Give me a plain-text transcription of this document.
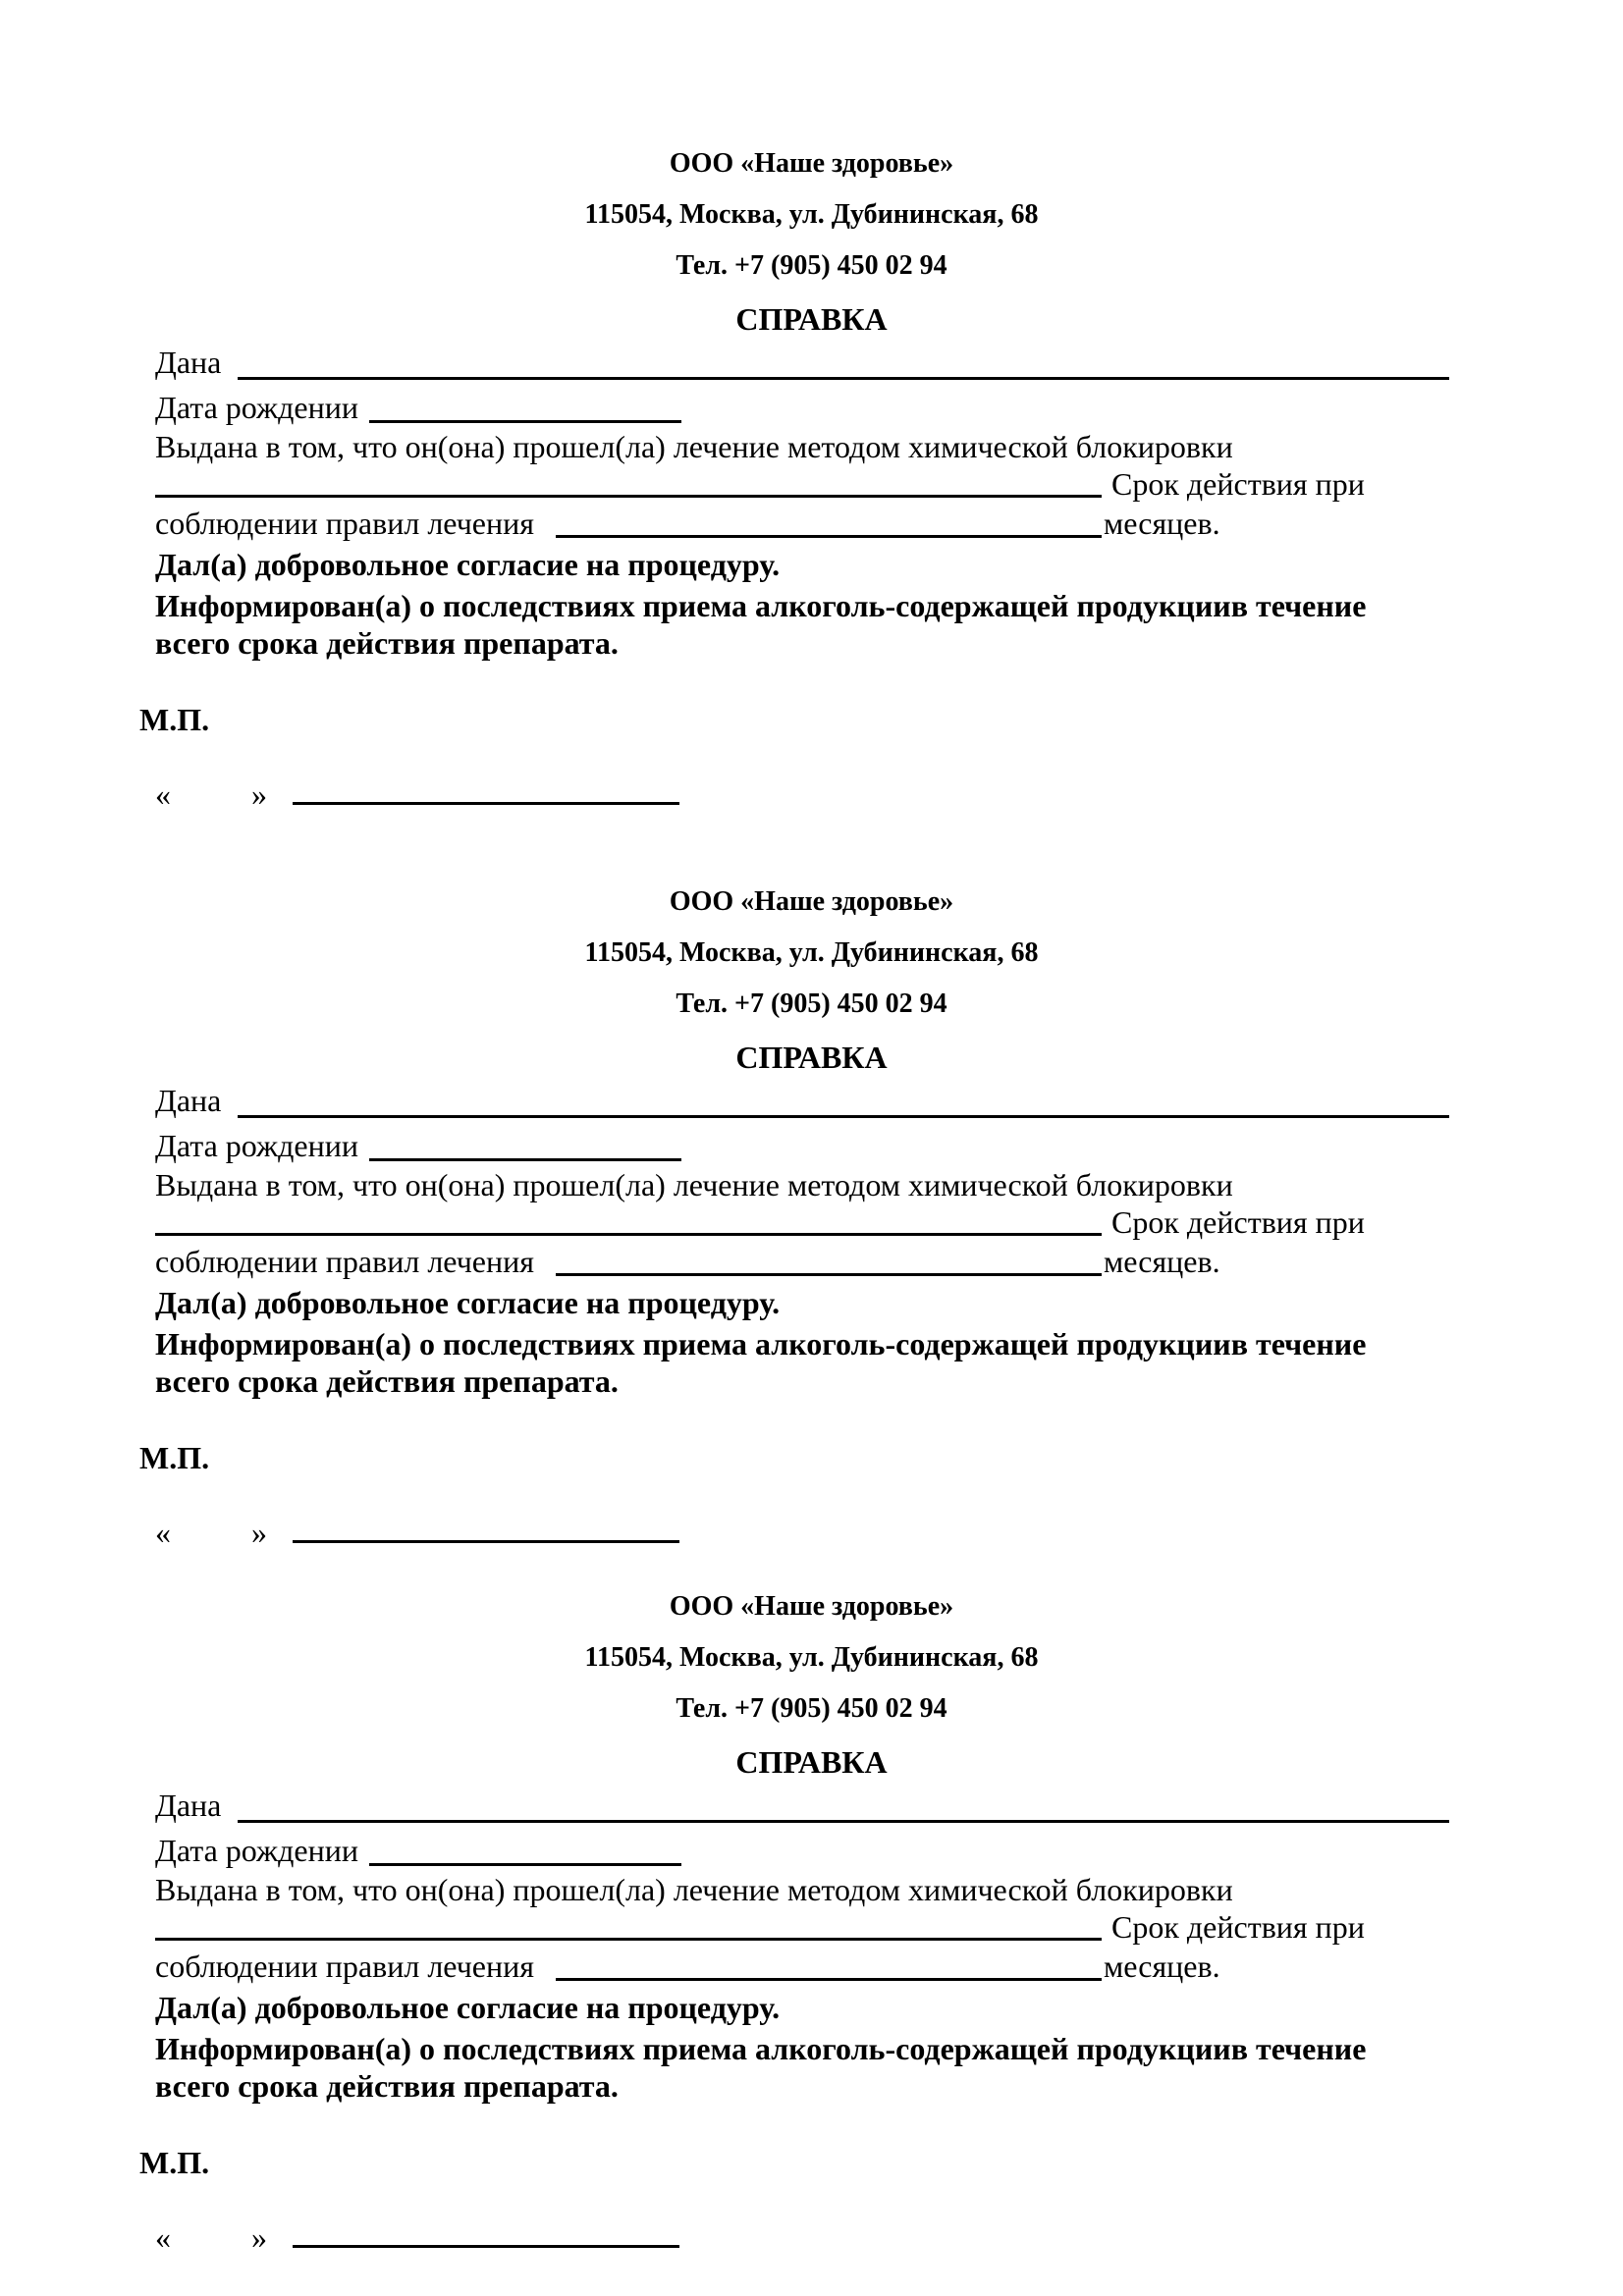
ООО «Наше здоровье»
115054, Москва, ул. Дубининская, 68
Тел. +7 (905) 450 02 94
СПРАВКА
Дана
Дата рождении
Выдана в том, что он(она) прошел(ла) лечение методом химической блокировки
Срок действия при
соблюдении правил лечения	месяцев.
Дал(а) добровольное согласие на процедуру.
Информирован(а) о последствиях приема алкоголь-содержащей продукциив течение
всего срока действия препарата.
М.П.
«	»
ООО «Наше здоровье»
115054, Москва, ул. Дубининская, 68
Тел. +7 (905) 450 02 94
СПРАВКА
Дана
Дата рождении
Выдана в том, что он(она) прошел(ла) лечение методом химической блокировки
Срок действия при
соблюдении правил лечения	месяцев.
Дал(а) добровольное согласие на процедуру.
Информирован(а) о последствиях приема алкоголь-содержащей продукциив течение
всего срока действия препарата.
М.П.
«	»
ООО «Наше здоровье»
115054, Москва, ул. Дубининская, 68
Тел. +7 (905) 450 02 94
СПРАВКА
Дана
Дата рождении
Выдана в том, что он(она) прошел(ла) лечение методом химической блокировки
Срок действия при
соблюдении правил лечения	месяцев.
Дал(а) добровольное согласие на процедуру.
Информирован(а) о последствиях приема алкоголь-содержащей продукциив течение
всего срока действия препарата.
М.П.
«	»
